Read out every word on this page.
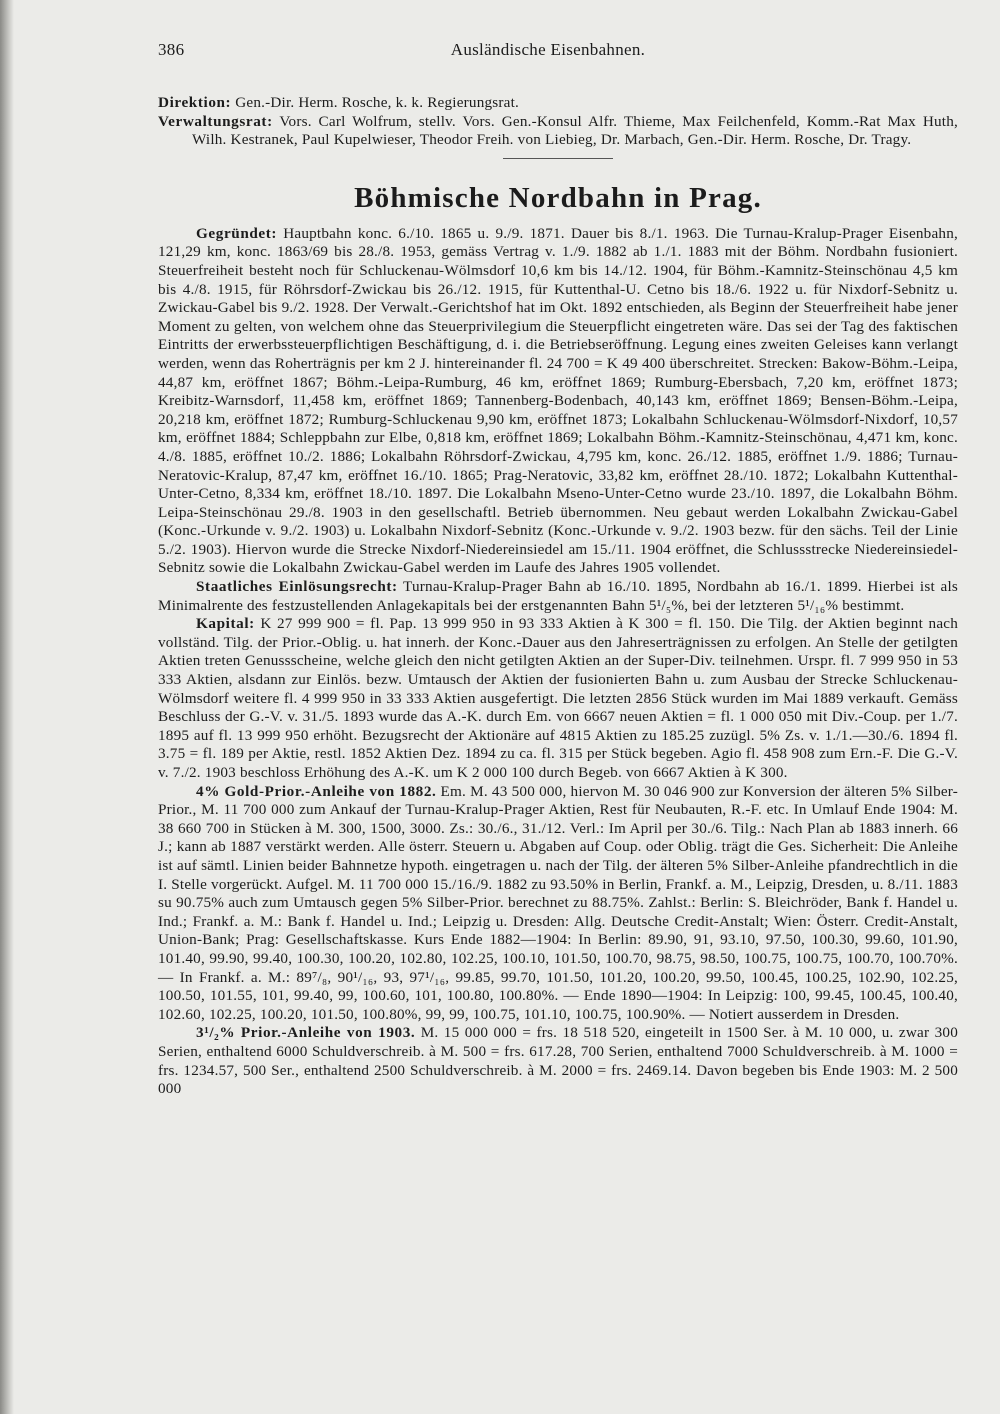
386	Ausländische Eisenbahnen.

Direktion: Gen.-Dir. Herm. Rosche, k. k. Regierungsrat.

Verwaltungsrat: Vors. Carl Wolfrum, stellv. Vors. Gen.-Konsul Alfr. Thieme, Max Feilchenfeld, Komm.-Rat Max Huth, Wilh. Kestranek, Paul Kupelwieser, Theodor Freih. von Liebieg, Dr. Marbach, Gen.-Dir. Herm. Rosche, Dr. Tragy.

Böhmische Nordbahn in Prag.

Gegründet: Hauptbahn konc. 6./10. 1865 u. 9./9. 1871. Dauer bis 8./1. 1963. Die Turnau-Kralup-Prager Eisenbahn, 121,29 km, konc. 1863/69 bis 28./8. 1953, gemäss Vertrag v. 1./9. 1882 ab 1./1. 1883 mit der Böhm. Nordbahn fusioniert. Steuerfreiheit besteht noch für Schluckenau-Wölmsdorf 10,6 km bis 14./12. 1904, für Böhm.-Kamnitz-Steinschönau 4,5 km bis 4./8. 1915, für Röhrsdorf-Zwickau bis 26./12. 1915, für Kuttenthal-U. Cetno bis 18./6. 1922 u. für Nixdorf-Sebnitz u. Zwickau-Gabel bis 9./2. 1928. Der Verwalt.-Gerichtshof hat im Okt. 1892 entschieden, als Beginn der Steuerfreiheit habe jener Moment zu gelten, von welchem ohne das Steuerprivilegium die Steuerpflicht eingetreten wäre. Das sei der Tag des faktischen Eintritts der erwerbssteuerpflichtigen Beschäftigung, d. i. die Betriebseröffnung. Legung eines zweiten Geleises kann verlangt werden, wenn das Roherträgnis per km 2 J. hintereinander fl. 24 700 = K 49 400 überschreitet. Strecken: Bakow-Böhm.-Leipa, 44,87 km, eröffnet 1867; Böhm.-Leipa-Rumburg, 46 km, eröffnet 1869; Rumburg-Ebersbach, 7,20 km, eröffnet 1873; Kreibitz-Warnsdorf, 11,458 km, eröffnet 1869; Tannenberg-Bodenbach, 40,143 km, eröffnet 1869; Bensen-Böhm.-Leipa, 20,218 km, eröffnet 1872; Rumburg-Schluckenau 9,90 km, eröffnet 1873; Lokalbahn Schluckenau-Wölmsdorf-Nixdorf, 10,57 km, eröffnet 1884; Schleppbahn zur Elbe, 0,818 km, eröffnet 1869; Lokalbahn Böhm.-Kamnitz-Steinschönau, 4,471 km, konc. 4./8. 1885, eröffnet 10./2. 1886; Lokalbahn Röhrsdorf-Zwickau, 4,795 km, konc. 26./12. 1885, eröffnet 1./9. 1886; Turnau-Neratovic-Kralup, 87,47 km, eröffnet 16./10. 1865; Prag-Neratovic, 33,82 km, eröffnet 28./10. 1872; Lokalbahn Kuttenthal-Unter-Cetno, 8,334 km, eröffnet 18./10. 1897. Die Lokalbahn Mseno-Unter-Cetno wurde 23./10. 1897, die Lokalbahn Böhm. Leipa-Steinschönau 29./8. 1903 in den gesellschaftl. Betrieb übernommen. Neu gebaut werden Lokalbahn Zwickau-Gabel (Konc.-Urkunde v. 9./2. 1903) u. Lokalbahn Nixdorf-Sebnitz (Konc.-Urkunde v. 9./2. 1903 bezw. für den sächs. Teil der Linie 5./2. 1903). Hiervon wurde die Strecke Nixdorf-Niedereinsiedel am 15./11. 1904 eröffnet, die Schlussstrecke Niedereinsiedel-Sebnitz sowie die Lokalbahn Zwickau-Gabel werden im Laufe des Jahres 1905 vollendet.

Staatliches Einlösungsrecht: Turnau-Kralup-Prager Bahn ab 16./10. 1895, Nordbahn ab 16./1. 1899. Hierbei ist als Minimalrente des festzustellenden Anlagekapitals bei der erstgenannten Bahn 5¹/₅%, bei der letzteren 5¹/₁₆% bestimmt.

Kapital: K 27 999 900 = fl. Pap. 13 999 950 in 93 333 Aktien à K 300 = fl. 150. Die Tilg. der Aktien beginnt nach vollständ. Tilg. der Prior.-Oblig. u. hat innerh. der Konc.-Dauer aus den Jahreserträgnissen zu erfolgen. An Stelle der getilgten Aktien treten Genussscheine, welche gleich den nicht getilgten Aktien an der Super-Div. teilnehmen. Urspr. fl. 7 999 950 in 53 333 Aktien, alsdann zur Einlös. bezw. Umtausch der Aktien der fusionierten Bahn u. zum Ausbau der Strecke Schluckenau-Wölmsdorf weitere fl. 4 999 950 in 33 333 Aktien ausgefertigt. Die letzten 2856 Stück wurden im Mai 1889 verkauft. Gemäss Beschluss der G.-V. v. 31./5. 1893 wurde das A.-K. durch Em. von 6667 neuen Aktien = fl. 1 000 050 mit Div.-Coup. per 1./7. 1895 auf fl. 13 999 950 erhöht. Bezugsrecht der Aktionäre auf 4815 Aktien zu 185.25 zuzügl. 5% Zs. v. 1./1.—30./6. 1894 fl. 3.75 = fl. 189 per Aktie, restl. 1852 Aktien Dez. 1894 zu ca. fl. 315 per Stück begeben. Agio fl. 458 908 zum Ern.-F. Die G.-V. v. 7./2. 1903 beschloss Erhöhung des A.-K. um K 2 000 100 durch Begeb. von 6667 Aktien à K 300.

4% Gold-Prior.-Anleihe von 1882. Em. M. 43 500 000, hiervon M. 30 046 900 zur Konversion der älteren 5% Silber-Prior., M. 11 700 000 zum Ankauf der Turnau-Kralup-Prager Aktien, Rest für Neubauten, R.-F. etc. In Umlauf Ende 1904: M. 38 660 700 in Stücken à M. 300, 1500, 3000. Zs.: 30./6., 31./12. Verl.: Im April per 30./6. Tilg.: Nach Plan ab 1883 innerh. 66 J.; kann ab 1887 verstärkt werden. Alle österr. Steuern u. Abgaben auf Coup. oder Oblig. trägt die Ges. Sicherheit: Die Anleihe ist auf sämtl. Linien beider Bahnnetze hypoth. eingetragen u. nach der Tilg. der älteren 5% Silber-Anleihe pfandrechtlich in die I. Stelle vorgerückt. Aufgel. M. 11 700 000 15./16./9. 1882 zu 93.50% in Berlin, Frankf. a. M., Leipzig, Dresden, u. 8./11. 1883 su 90.75% auch zum Umtausch gegen 5% Silber-Prior. berechnet zu 88.75%. Zahlst.: Berlin: S. Bleichröder, Bank f. Handel u. Ind.; Frankf. a. M.: Bank f. Handel u. Ind.; Leipzig u. Dresden: Allg. Deutsche Credit-Anstalt; Wien: Österr. Credit-Anstalt, Union-Bank; Prag: Gesellschaftskasse. Kurs Ende 1882—1904: In Berlin: 89.90, 91, 93.10, 97.50, 100.30, 99.60, 101.90, 101.40, 99.90, 99.40, 100.30, 100.20, 102.80, 102.25, 100.10, 101.50, 100.70, 98.75, 98.50, 100.75, 100.75, 100.70, 100.70%. — In Frankf. a. M.: 89⁷/₈, 90¹/₁₆, 93, 97¹/₁₆, 99.85, 99.70, 101.50, 101.20, 100.20, 99.50, 100.45, 100.25, 102.90, 102.25, 100.50, 101.55, 101, 99.40, 99, 100.60, 101, 100.80, 100.80%. — Ende 1890—1904: In Leipzig: 100, 99.45, 100.45, 100.40, 102.60, 102.25, 100.20, 101.50, 100.80%, 99, 99, 100.75, 101.10, 100.75, 100.90%. — Notiert ausserdem in Dresden.

3¹/₂% Prior.-Anleihe von 1903. M. 15 000 000 = frs. 18 518 520, eingeteilt in 1500 Ser. à M. 10 000, u. zwar 300 Serien, enthaltend 6000 Schuldverschreib. à M. 500 = frs. 617.28, 700 Serien, enthaltend 7000 Schuldverschreib. à M. 1000 = frs. 1234.57, 500 Ser., enthaltend 2500 Schuldverschreib. à M. 2000 = frs. 2469.14. Davon begeben bis Ende 1903: M. 2 500 000
